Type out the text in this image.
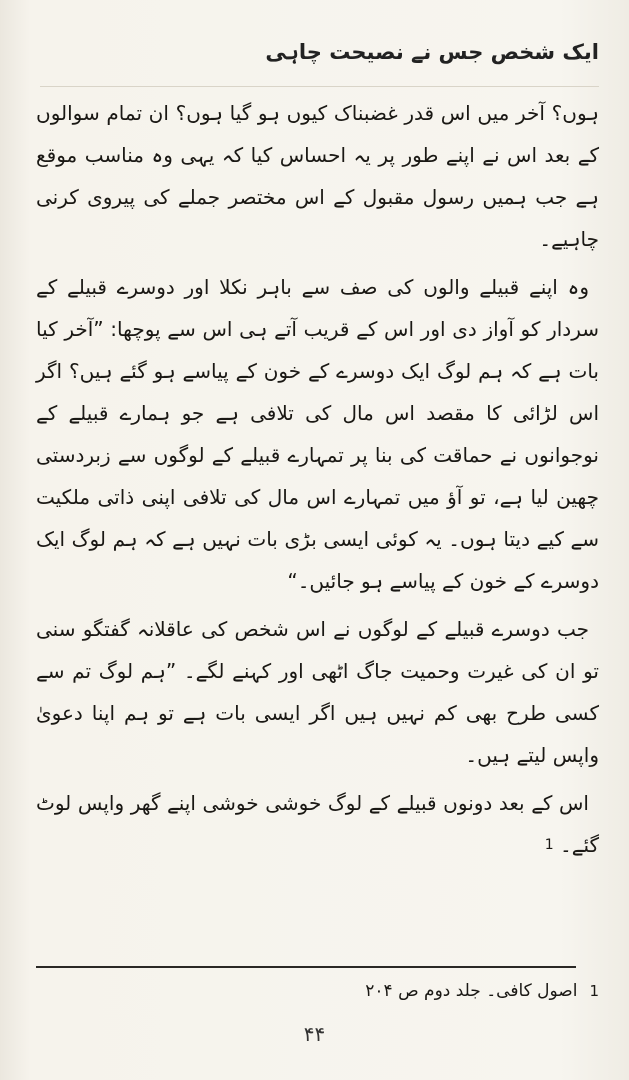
ایک شخص جس نے نصیحت چاہی

ہوں؟ آخر میں اس قدر غضبناک کیوں ہو گیا ہوں؟ ان تمام سوالوں کے بعد اس نے اپنے طور پر یہ احساس کیا کہ یہی وہ مناسب موقع ہے جب ہمیں رسول مقبول کے اس مختصر جملے کی پیروی کرنی چاہیے۔

وہ اپنے قبیلے والوں کی صف سے باہر نکلا اور دوسرے قبیلے کے سردار کو آواز دی اور اس کے قریب آتے ہی اس سے پوچھا: ”آخر کیا بات ہے کہ ہم لوگ ایک دوسرے کے خون کے پیاسے ہو گئے ہیں؟ اگر اس لڑائی کا مقصد اس مال کی تلافی ہے جو ہمارے قبیلے کے نوجوانوں نے حماقت کی بنا پر تمہارے قبیلے کے لوگوں سے زبردستی چھین لیا ہے، تو آؤ میں تمہارے اس مال کی تلافی اپنی ذاتی ملکیت سے کیے دیتا ہوں۔ یہ کوئی ایسی بڑی بات نہیں ہے کہ ہم لوگ ایک دوسرے کے خون کے پیاسے ہو جائیں۔“

جب دوسرے قبیلے کے لوگوں نے اس شخص کی عاقلانہ گفتگو سنی تو ان کی غیرت وحمیت جاگ اٹھی اور کہنے لگے۔ ”ہم لوگ تم سے کسی طرح بھی کم نہیں ہیں اگر ایسی بات ہے تو ہم اپنا دعویٰ واپس لیتے ہیں۔

اس کے بعد دونوں قبیلے کے لوگ خوشی خوشی اپنے گھر واپس لوٹ گئے۔ $^1$

1
اصول کافی۔ جلد دوم ص ۲۰۴
۴۴
